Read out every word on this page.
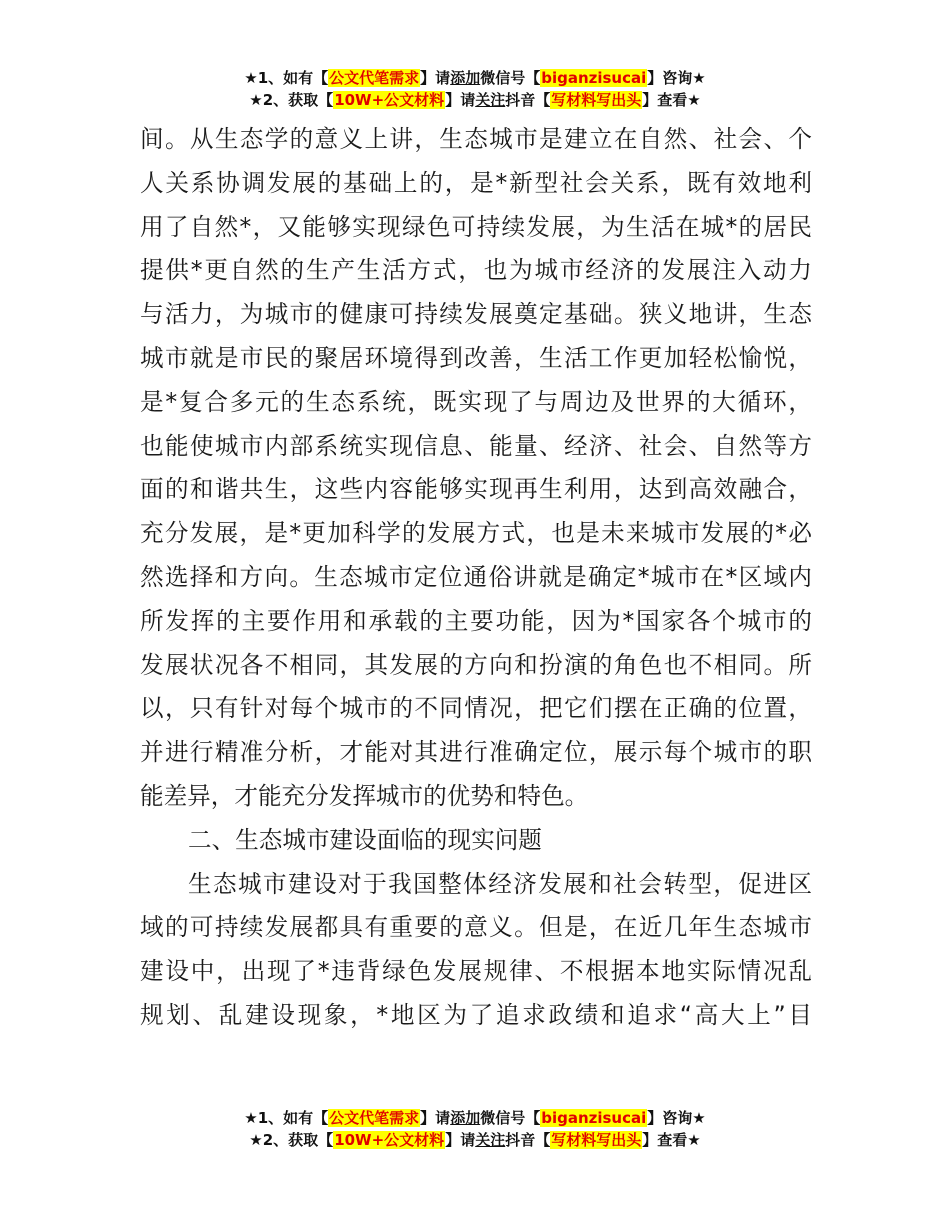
★1、如有【公文代笔需求】请添加微信号【biganzisucai】咨询★
★2、获取【10W+公文材料】请关注抖音【写材料写出头】查看★
间。从生态学的意义上讲，生态城市是建立在自然、社会、个
人关系协调发展的基础上的，是*新型社会关系，既有效地利
用了自然*，又能够实现绿色可持续发展，为生活在城*的居民
提供*更自然的生产生活方式，也为城市经济的发展注入动力
与活力，为城市的健康可持续发展奠定基础。狭义地讲，生态
城市就是市民的聚居环境得到改善，生活工作更加轻松愉悦，
是*复合多元的生态系统，既实现了与周边及世界的大循环，
也能使城市内部系统实现信息、能量、经济、社会、自然等方
面的和谐共生，这些内容能够实现再生利用，达到高效融合，
充分发展，是*更加科学的发展方式，也是未来城市发展的*必
然选择和方向。生态城市定位通俗讲就是确定*城市在*区域内
所发挥的主要作用和承载的主要功能，因为*国家各个城市的
发展状况各不相同，其发展的方向和扮演的角色也不相同。所
以，只有针对每个城市的不同情况，把它们摆在正确的位置，
并进行精准分析，才能对其进行准确定位，展示每个城市的职
能差异，才能充分发挥城市的优势和特色。
二、生态城市建设面临的现实问题
生态城市建设对于我国整体经济发展和社会转型，促进区
域的可持续发展都具有重要的意义。但是，在近几年生态城市
建设中，出现了*违背绿色发展规律、不根据本地实际情况乱
规划、乱建设现象，*地区为了追求政绩和追求“高大上”目
★1、如有【公文代笔需求】请添加微信号【biganzisucai】咨询★
★2、获取【10W+公文材料】请关注抖音【写材料写出头】查看★
